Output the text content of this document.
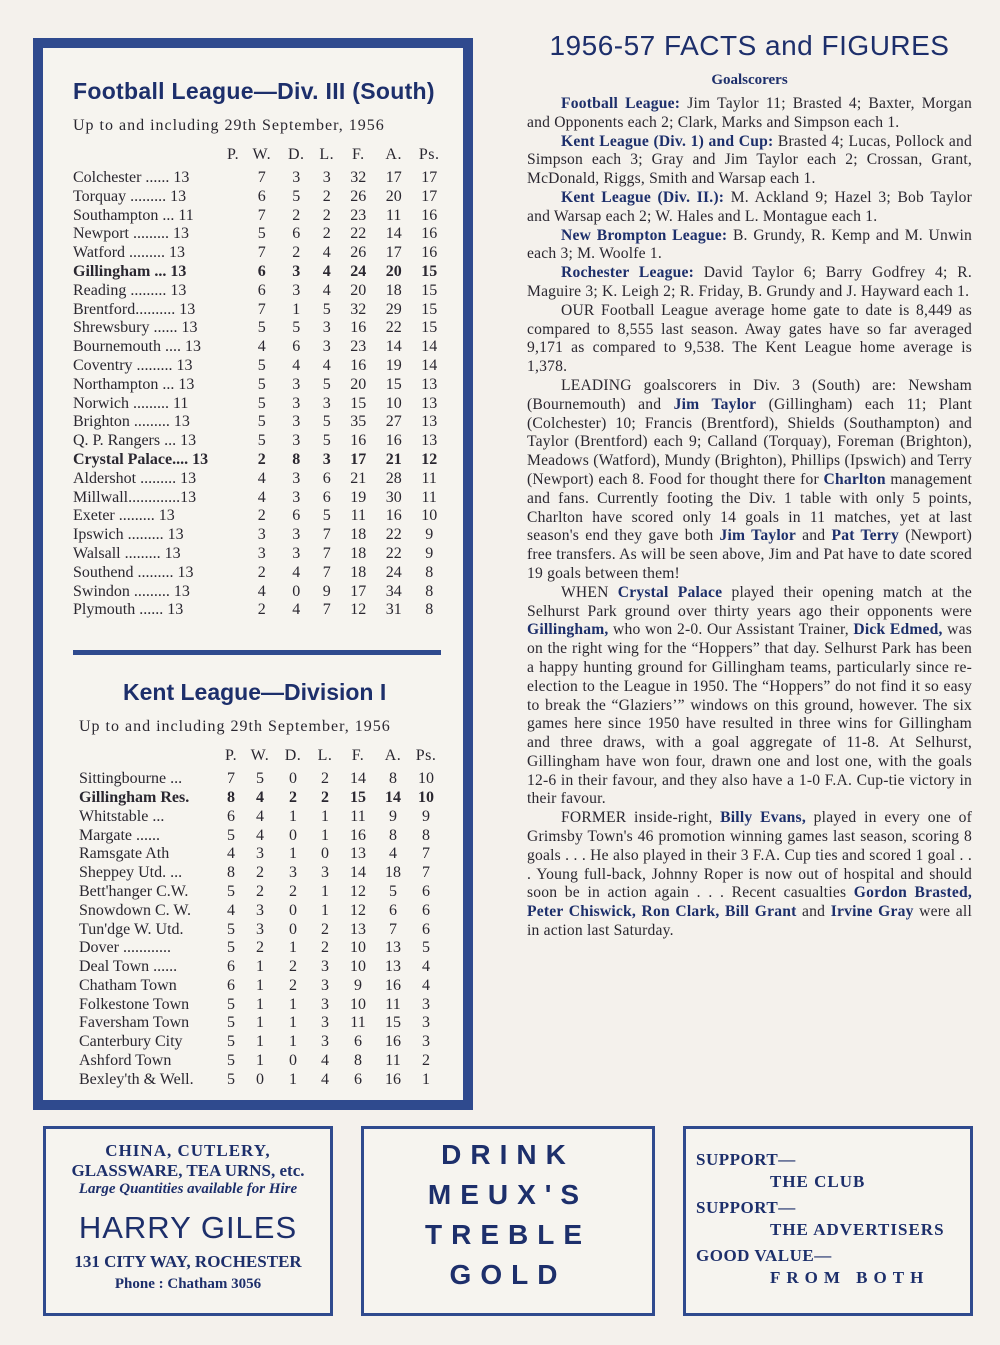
Football League—Div. III (South)
Up to and including 29th September, 1956
	P.	W.	D.	L.	F.	A.	Ps.
Colchester ...... 13		7	3	3	32	17	17
Torquay ......... 13		6	5	2	26	20	17
Southampton ... 11		7	2	2	23	11	16
Newport ......... 13		5	6	2	22	14	16
Watford ......... 13		7	2	4	26	17	16
Gillingham ... 13		6	3	4	24	20	15
Reading ......... 13		6	3	4	20	18	15
Brentford.......... 13		7	1	5	32	29	15
Shrewsbury ...... 13		5	5	3	16	22	15
Bournemouth .... 13		4	6	3	23	14	14
Coventry ......... 13		5	4	4	16	19	14
Northampton ... 13		5	3	5	20	15	13
Norwich ......... 11		5	3	3	15	10	13
Brighton ......... 13		5	3	5	35	27	13
Q. P. Rangers ... 13		5	3	5	16	16	13
Crystal Palace.... 13		2	8	3	17	21	12
Aldershot ......... 13		4	3	6	21	28	11
Millwall.............13		4	3	6	19	30	11
Exeter ......... 13		2	6	5	11	16	10
Ipswich ......... 13		3	3	7	18	22	9
Walsall ......... 13		3	3	7	18	22	9
Southend ......... 13		2	4	7	18	24	8
Swindon ......... 13		4	0	9	17	34	8
Plymouth ...... 13		2	4	7	12	31	8
Kent League—Division I
Up to and including 29th September, 1956
	P.	W.	D.	L.	F.	A.	Ps.
Sittingbourne ...	7	5	0	2	14	8	10
Gillingham Res.	8	4	2	2	15	14	10
Whitstable ...	6	4	1	1	11	9	9
Margate ......	5	4	0	1	16	8	8
Ramsgate Ath	4	3	1	0	13	4	7
Sheppey Utd. ...	8	2	3	3	14	18	7
Bett'hanger C.W.	5	2	2	1	12	5	6
Snowdown C. W.	4	3	0	1	12	6	6
Tun'dge W. Utd.	5	3	0	2	13	7	6
Dover ............	5	2	1	2	10	13	5
Deal Town ......	6	1	2	3	10	13	4
Chatham Town	6	1	2	3	9	16	4
Folkestone Town	5	1	1	3	10	11	3
Faversham Town	5	1	1	3	11	15	3
Canterbury City	5	1	1	3	6	16	3
Ashford Town	5	1	0	4	8	11	2
Bexley'th & Well.	5	0	1	4	6	16	1
1956-57 FACTS and FIGURES
Goalscorers

Football League: Jim Taylor 11; Brasted 4; Baxter, Morgan and Opponents each 2; Clark, Marks and Simpson each 1.

Kent League (Div. 1) and Cup: Brasted 4; Lucas, Pollock and Simpson each 3; Gray and Jim Taylor each 2; Crossan, Grant, McDonald, Riggs, Smith and Warsap each 1.

Kent League (Div. II.): M. Ackland 9; Hazel 3; Bob Taylor and Warsap each 2; W. Hales and L. Montague each 1.

New Brompton League: B. Grundy, R. Kemp and M. Unwin each 3; M. Woolfe 1.

Rochester League: David Taylor 6; Barry Godfrey 4; R. Maguire 3; K. Leigh 2; R. Friday, B. Grundy and J. Hayward each 1.

OUR Football League average home gate to date is 8,449 as compared to 8,555 last season. Away gates have so far averaged 9,171 as compared to 9,538. The Kent League home average is 1,378.

LEADING goalscorers in Div. 3 (South) are: Newsham (Bournemouth) and Jim Taylor (Gillingham) each 11; Plant (Colchester) 10; Francis (Brentford), Shields (Southampton) and Taylor (Brentford) each 9; Calland (Torquay), Foreman (Brighton), Meadows (Watford), Mundy (Brighton), Phillips (Ipswich) and Terry (Newport) each 8. Food for thought there for Charlton management and fans. Currently footing the Div. 1 table with only 5 points, Charlton have scored only 14 goals in 11 matches, yet at last season's end they gave both Jim Taylor and Pat Terry (Newport) free transfers. As will be seen above, Jim and Pat have to date scored 19 goals between them!

WHEN Crystal Palace played their opening match at the Selhurst Park ground over thirty years ago their opponents were Gillingham, who won 2-0. Our Assistant Trainer, Dick Edmed, was on the right wing for the “Hoppers” that day. Selhurst Park has been a happy hunting ground for Gillingham teams, particularly since re-election to the League in 1950. The “Hoppers” do not find it so easy to break the “Glaziers’” windows on this ground, however. The six games here since 1950 have resulted in three wins for Gillingham and three draws, with a goal aggregate of 11-8. At Selhurst, Gillingham have won four, drawn one and lost one, with the goals 12-6 in their favour, and they also have a 1-0 F.A. Cup-tie victory in their favour.

FORMER inside-right, Billy Evans, played in every one of Grimsby Town's 46 promotion winning games last season, scoring 8 goals . . . He also played in their 3 F.A. Cup ties and scored 1 goal . . . Young full-back, Johnny Roper is now out of hospital and should soon be in action again . . . Recent casualties Gordon Brasted, Peter Chiswick, Ron Clark, Bill Grant and Irvine Gray were all in action last Saturday.

CHINA, CUTLERY,
GLASSWARE, TEA URNS, etc.
Large Quantities available for Hire
HARRY GILES
131 CITY WAY, ROCHESTER
Phone : Chatham 3056
DRINK
MEUX'S
TREBLE
GOLD
SUPPORT—
THE CLUB
SUPPORT—
THE ADVERTISERS
GOOD VALUE—
FROM BOTH
